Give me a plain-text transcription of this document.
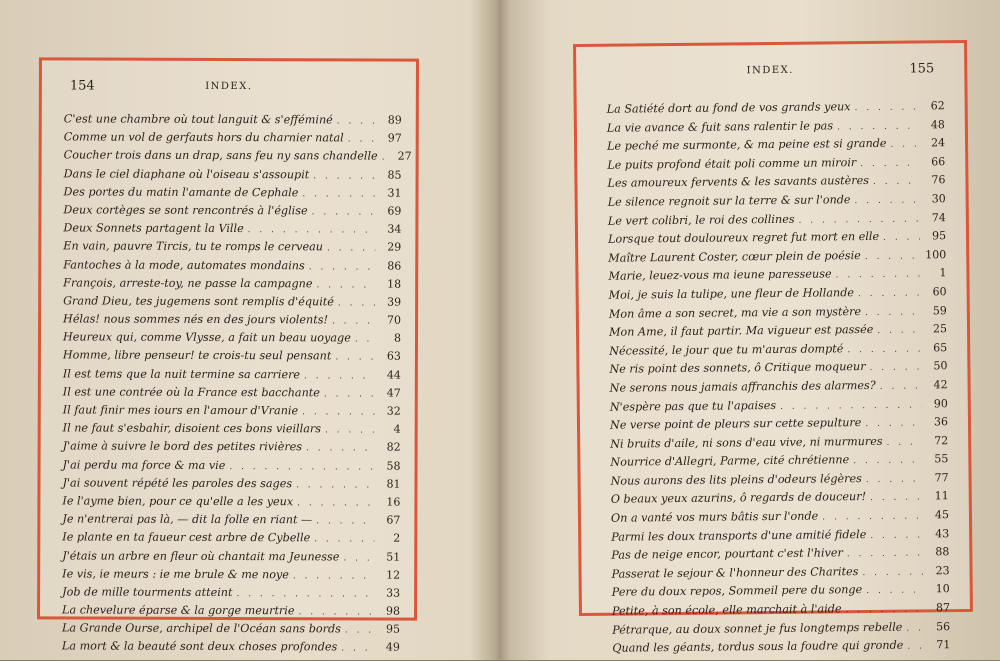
154	INDEX.
C'est une chambre où tout languit & s'efféminé . . .	89
Comme un vol de gerfauts hors du charnier natal . . .	97
Coucher trois dans un drap, sans feu ny sans chandelle . . .	27
Dans le ciel diaphane où l'oiseau s'assoupit . . .	85
Des portes du matin l'amante de Cephale . . .	31
Deux cortèges se sont rencontrés à l'église . . .	69
Deux Sonnets partagent la Ville . . .	34
En vain, pauvre Tircis, tu te romps le cerveau . . .	29
Fantoches à la mode, automates mondains . . .	86
François, arreste-toy, ne passe la campagne . . .	18
Grand Dieu, tes jugemens sont remplis d'équité . . .	39
Hélas! nous sommes nés en des jours violents! . . .	70
Heureux qui, comme Vlysse, a fait un beau uoyage . . .	8
Homme, libre penseur! te crois-tu seul pensant . . .	63
Il est tems que la nuit termine sa carriere . . .	44
Il est une contrée où la France est bacchante . . .	47
Il faut finir mes iours en l'amour d'Vranie . . .	32
Il ne faut s'esbahir, disoient ces bons vieillars . . .	4
J'aime à suivre le bord des petites rivières . . .	82
J'ai perdu ma force & ma vie . . .	58
J'ai souvent répété les paroles des sages . . .	81
Ie l'ayme bien, pour ce qu'elle a les yeux . . .	16
Je n'entrerai pas là, — dit la folle en riant — . . .	67
Ie plante en ta faueur cest arbre de Cybelle . . .	2
J'étais un arbre en fleur où chantait ma Jeunesse . . .	51
Ie vis, ie meurs : ie me brule & me noye . . .	12
Job de mille tourments atteint . . .	33
La chevelure éparse & la gorge meurtrie . . .	98
La Grande Ourse, archipel de l'Océan sans bords . . .	95
La mort & la beauté sont deux choses profondes . . .	49
INDEX.	155
La Satiété dort au fond de vos grands yeux . . .	62
La vie avance & fuit sans ralentir le pas . . .	48
Le peché me surmonte, & ma peine est si grande . . .	24
Le puits profond était poli comme un miroir . . .	66
Les amoureux fervents & les savants austères . . .	76
Le silence regnoit sur la terre & sur l'onde . . .	30
Le vert colibri, le roi des collines . . .	74
Lorsque tout douloureux regret fut mort en elle . . .	95
Maître Laurent Coster, cœur plein de poésie . . .	100
Marie, leuez-vous ma ieune paresseuse . . .	1
Moi, je suis la tulipe, une fleur de Hollande . . .	60
Mon âme a son secret, ma vie a son mystère . . .	59
Mon Ame, il faut partir. Ma vigueur est passée . . .	25
Nécessité, le jour que tu m'auras dompté . . .	65
Ne ris point des sonnets, ô Critique moqueur . . .	50
Ne serons nous jamais affranchis des alarmes? . . .	42
N'espère pas que tu l'apaises . . .	90
Ne verse point de pleurs sur cette sepulture . . .	36
Ni bruits d'aile, ni sons d'eau vive, ni murmures . . .	72
Nourrice d'Allegri, Parme, cité chrétienne . . .	55
Nous aurons des lits pleins d'odeurs légères . . .	77
O beaux yeux azurins, ô regards de douceur! . . .	11
On a vanté vos murs bâtis sur l'onde . . .	45
Parmi les doux transports d'une amitié fidele . . .	43
Pas de neige encor, pourtant c'est l'hiver . . .	88
Passerat le sejour & l'honneur des Charites . . .	23
Pere du doux repos, Sommeil pere du songe . . .	10
Petite, à son école, elle marchait à l'aide . . .	87
Pétrarque, au doux sonnet je fus longtemps rebelle . . .	56
Quand les géants, tordus sous la foudre qui gronde . . .	71
